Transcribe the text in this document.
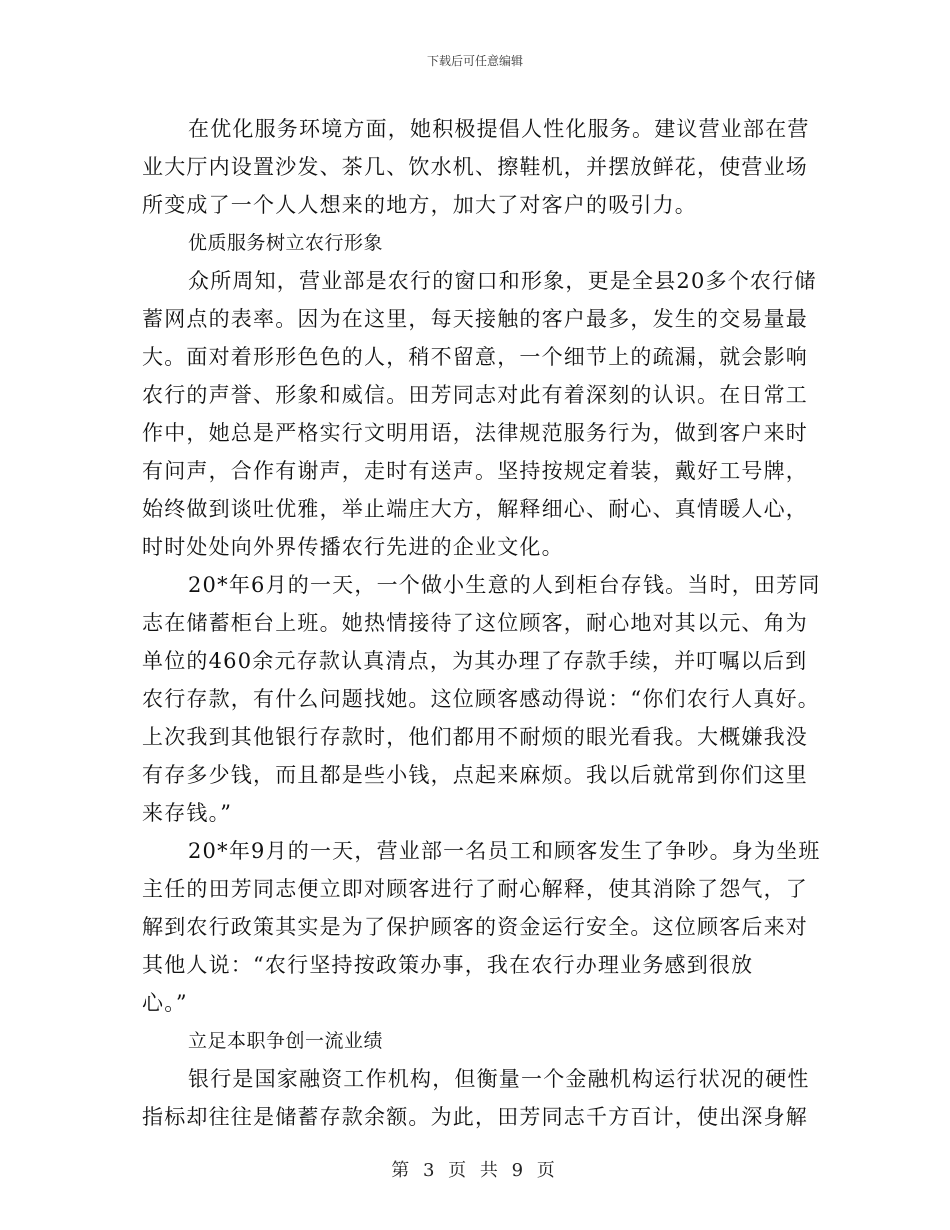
下载后可任意编辑
在优化服务环境方面，她积极提倡人性化服务。建议营业部在营
业大厅内设置沙发、茶几、饮水机、擦鞋机，并摆放鲜花，使营业场
所变成了一个人人想来的地方，加大了对客户的吸引力。
优质服务树立农行形象
众所周知，营业部是农行的窗口和形象，更是全县20多个农行储
蓄网点的表率。因为在这里，每天接触的客户最多，发生的交易量最
大。面对着形形色色的人，稍不留意，一个细节上的疏漏，就会影响
农行的声誉、形象和威信。田芳同志对此有着深刻的认识。在日常工
作中，她总是严格实行文明用语，法律规范服务行为，做到客户来时
有问声，合作有谢声，走时有送声。坚持按规定着装，戴好工号牌，
始终做到谈吐优雅，举止端庄大方，解释细心、耐心、真情暖人心，
时时处处向外界传播农行先进的企业文化。
20*年6月的一天，一个做小生意的人到柜台存钱。当时，田芳同
志在储蓄柜台上班。她热情接待了这位顾客，耐心地对其以元、角为
单位的460余元存款认真清点，为其办理了存款手续，并叮嘱以后到
农行存款，有什么问题找她。这位顾客感动得说：“你们农行人真好。
上次我到其他银行存款时，他们都用不耐烦的眼光看我。大概嫌我没
有存多少钱，而且都是些小钱，点起来麻烦。我以后就常到你们这里
来存钱。”
20*年9月的一天，营业部一名员工和顾客发生了争吵。身为坐班
主任的田芳同志便立即对顾客进行了耐心解释，使其消除了怨气，了
解到农行政策其实是为了保护顾客的资金运行安全。这位顾客后来对
其他人说：“农行坚持按政策办事，我在农行办理业务感到很放
心。”
立足本职争创一流业绩
银行是国家融资工作机构，但衡量一个金融机构运行状况的硬性
指标却往往是储蓄存款余额。为此，田芳同志千方百计，使出深身解
第 3 页 共 9 页
